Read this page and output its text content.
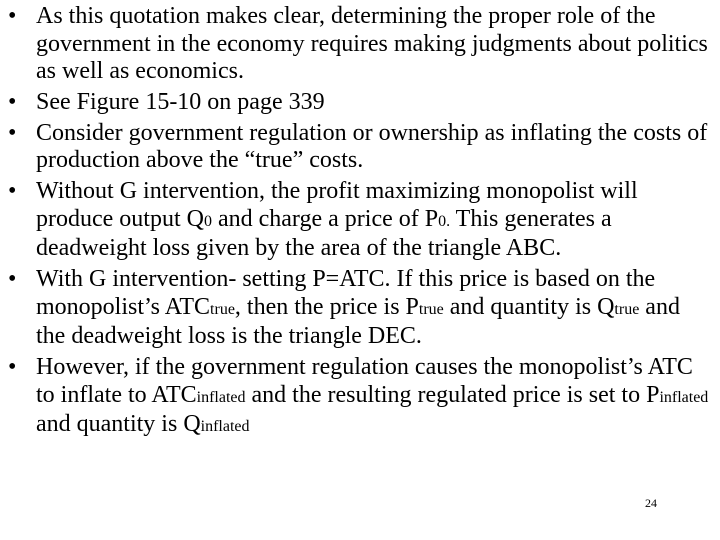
• As this quotation makes clear, determining the proper role of the government in the economy requires making judgments about politics as well as economics.
• See Figure 15-10 on page 339
• Consider government regulation or ownership as inflating the costs of production above the “true” costs.
• Without G intervention, the profit maximizing monopolist will produce output Q0 and charge a price of P0. This generates a deadweight loss given by the area of the triangle ABC.
• With G intervention- setting P=ATC. If this price is based on the monopolist’s ATCtrue, then the price is Ptrue and quantity is Qtrue and the deadweight loss is the triangle DEC.
• However, if the government regulation causes the monopolist’s ATC to inflate to ATCinflated and the resulting regulated price is set to Pinflated and quantity is Qinflated
24
